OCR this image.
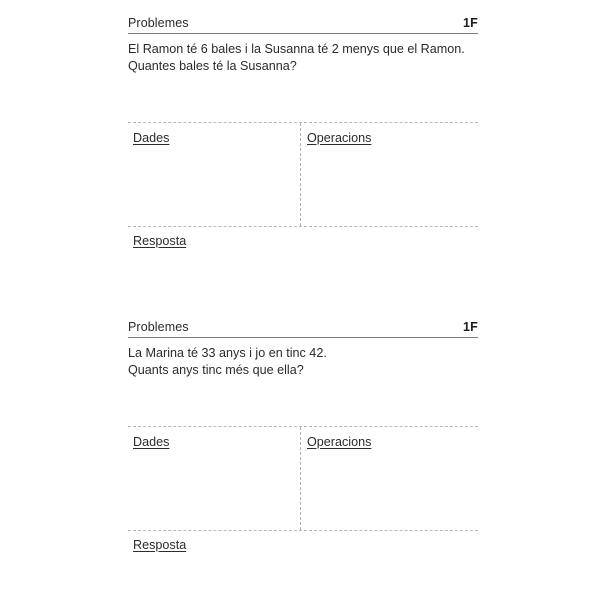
Problemes	1F
El Ramon té 6 bales i la Susanna té 2 menys que el Ramon.
Quantes bales té la Susanna?
Dades	Operacions
Resposta
Problemes	1F
La Marina té 33 anys i jo en tinc 42.
Quants anys tinc més que ella?
Dades	Operacions
Resposta
